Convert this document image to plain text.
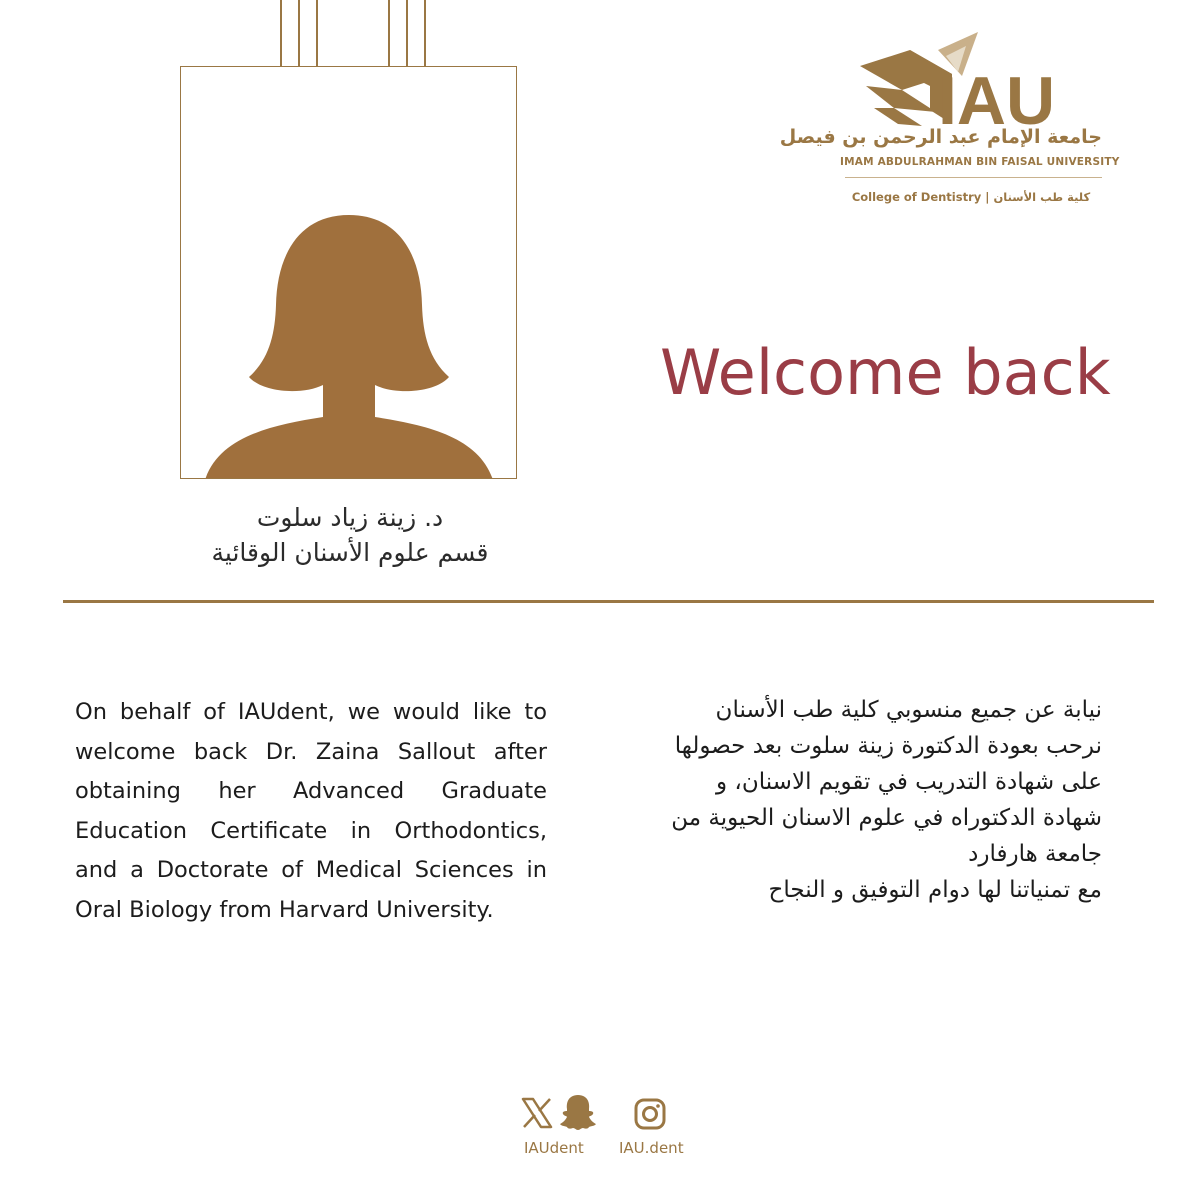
د. زينة زياد سلوت
قسم علوم الأسنان الوقائية
IAU
جامعة الإمام عبد الرحمن بن فيصل
IMAM ABDULRAHMAN BIN FAISAL UNIVERSITY
College of Dentistry | كلية طب الأسنان
Welcome back
On behalf of IAUdent, we would like to welcome back Dr. Zaina Sallout after obtaining her Advanced Graduate Education Certificate in Orthodontics, and a Doctorate of Medical Sciences in Oral Biology from Harvard University.
نيابة عن جميع منسوبي كلية طب الأسنان
نرحب بعودة الدكتورة زينة سلوت بعد حصولها
على شهادة التدريب في تقويم الاسنان، و
شهادة الدكتوراه في علوم الاسنان الحيوية من
جامعة هارفارد
مع تمنياتنا لها دوام التوفيق و النجاح
IAUdent IAU.dent
